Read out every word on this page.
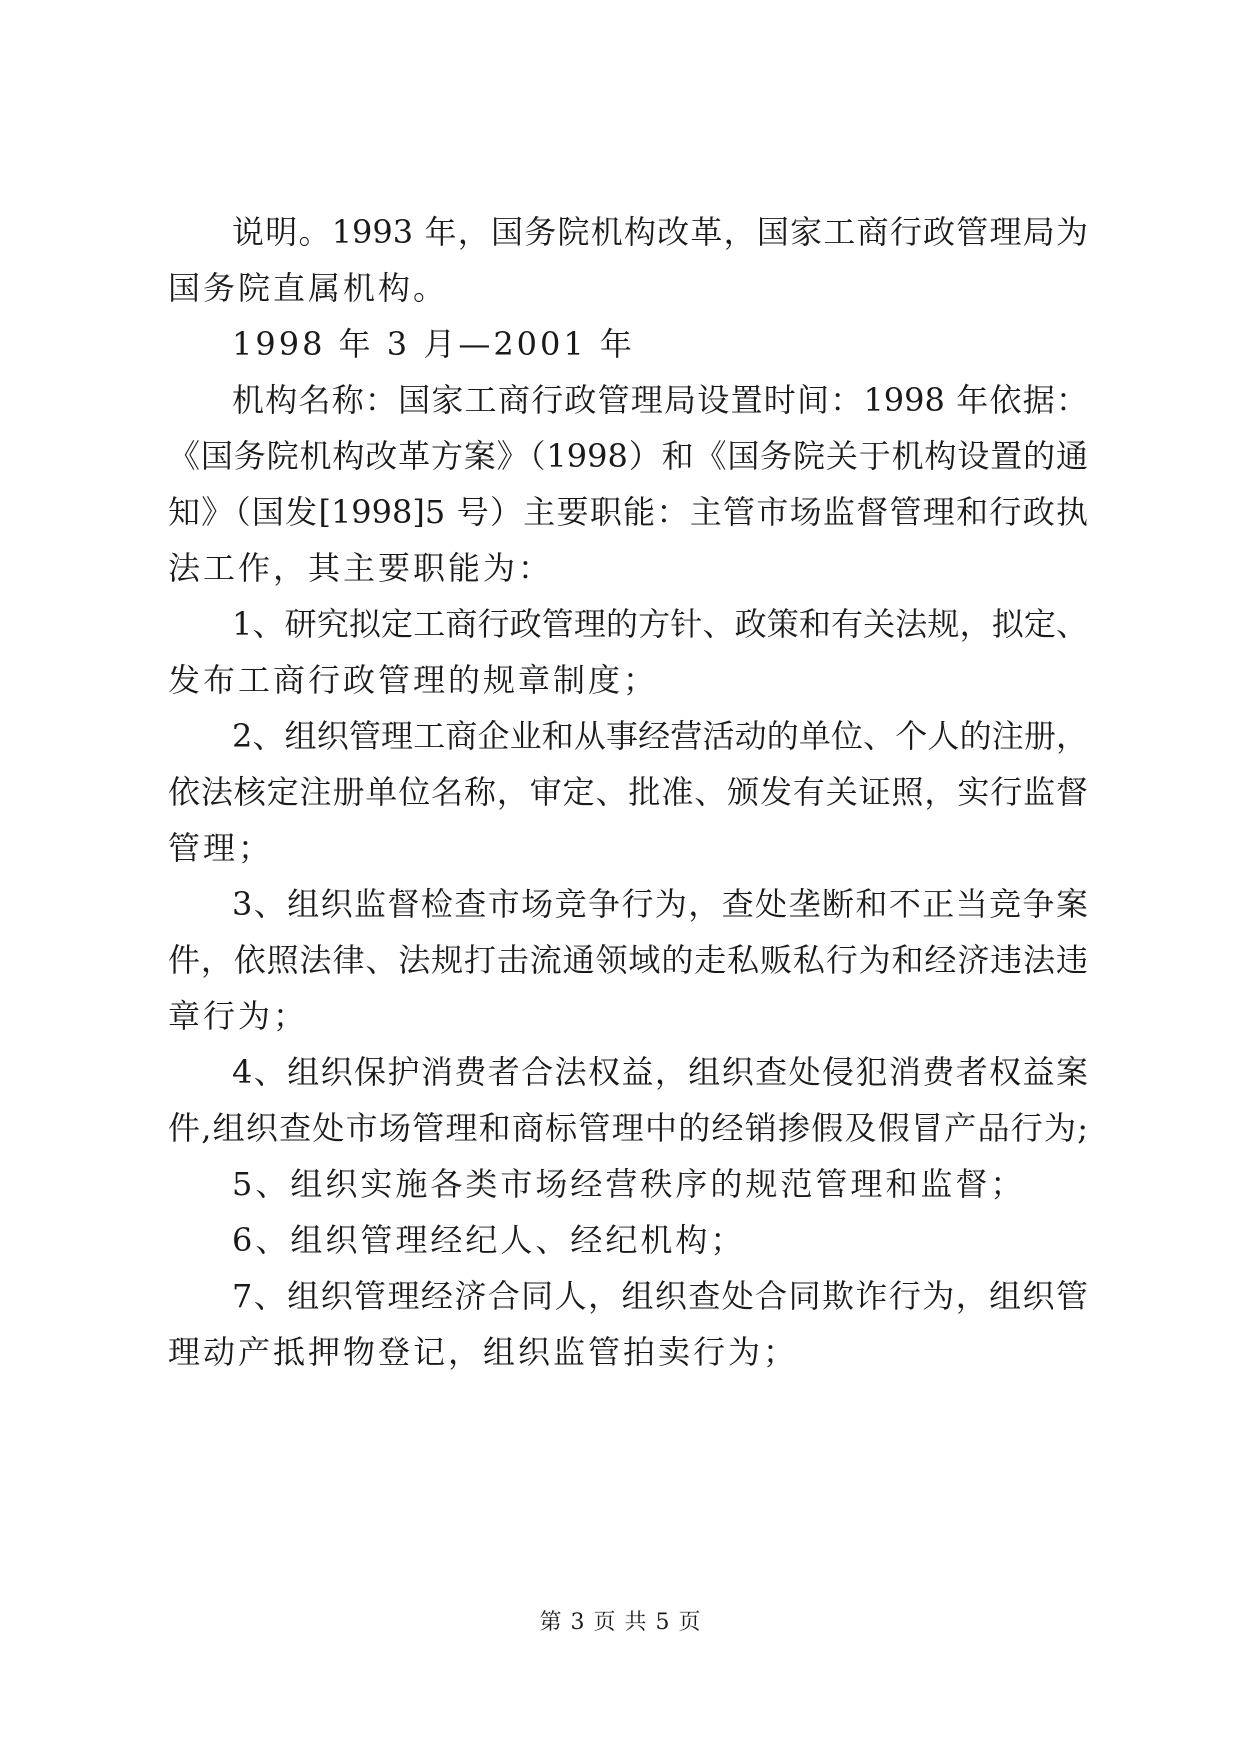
说明。1993 年，国务院机构改革，国家工商行政管理局为
国务院直属机构。
1998 年 3 月—2001 年
机构名称：国家工商行政管理局设置时间：1998 年依据：
《国务院机构改革方案》（1998）和《国务院关于机构设置的通
知》（国发[1998]5 号）主要职能：主管市场监督管理和行政执
法工作，其主要职能为：
1、研究拟定工商行政管理的方针、政策和有关法规，拟定、
发布工商行政管理的规章制度；
2、组织管理工商企业和从事经营活动的单位、个人的注册，
依法核定注册单位名称，审定、批准、颁发有关证照，实行监督
管理；
3、组织监督检查市场竞争行为，查处垄断和不正当竞争案
件，依照法律、法规打击流通领域的走私贩私行为和经济违法违
章行为；
4、组织保护消费者合法权益，组织查处侵犯消费者权益案
件,组织查处市场管理和商标管理中的经销掺假及假冒产品行为;
5、组织实施各类市场经营秩序的规范管理和监督；
6、组织管理经纪人、经纪机构；
7、组织管理经济合同人，组织查处合同欺诈行为，组织管
理动产抵押物登记，组织监管拍卖行为；
第 3 页 共 5 页
